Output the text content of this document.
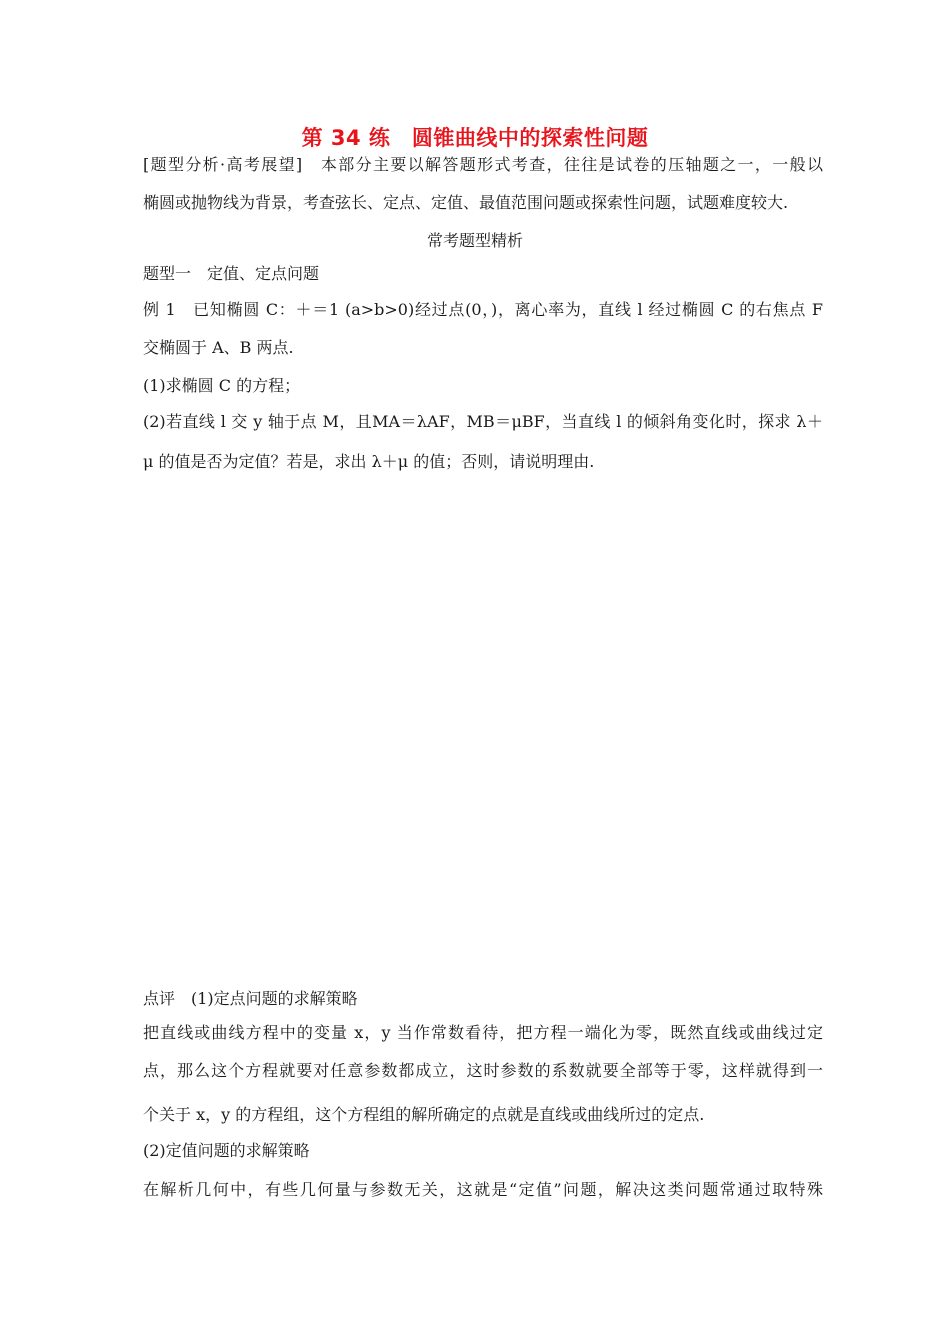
第 34 练　圆锥曲线中的探索性问题
[题型分析·高考展望]　本部分主要以解答题形式考查，往往是试卷的压轴题之一，一般以
椭圆或抛物线为背景，考查弦长、定点、定值、最值范围问题或探索性问题，试题难度较大.
常考题型精析
题型一　定值、定点问题
例 1　已知椭圆 C：＋＝1 (a>b>0)经过点(0，)，离心率为，直线 l 经过椭圆 C 的右焦点 F
交椭圆于 A、B 两点.
(1)求椭圆 C 的方程；
(2)若直线 l 交 y 轴于点 M，且MA＝λAF，MB＝μBF，当直线 l 的倾斜角变化时，探求 λ＋
μ 的值是否为定值？若是，求出 λ＋μ 的值；否则，请说明理由.
点评　(1)定点问题的求解策略
把直线或曲线方程中的变量 x，y 当作常数看待，把方程一端化为零，既然直线或曲线过定
点，那么这个方程就要对任意参数都成立，这时参数的系数就要全部等于零，这样就得到一
个关于 x，y 的方程组，这个方程组的解所确定的点就是直线或曲线所过的定点.
(2)定值问题的求解策略
在解析几何中，有些几何量与参数无关，这就是“定值”问题，解决这类问题常通过取特殊
